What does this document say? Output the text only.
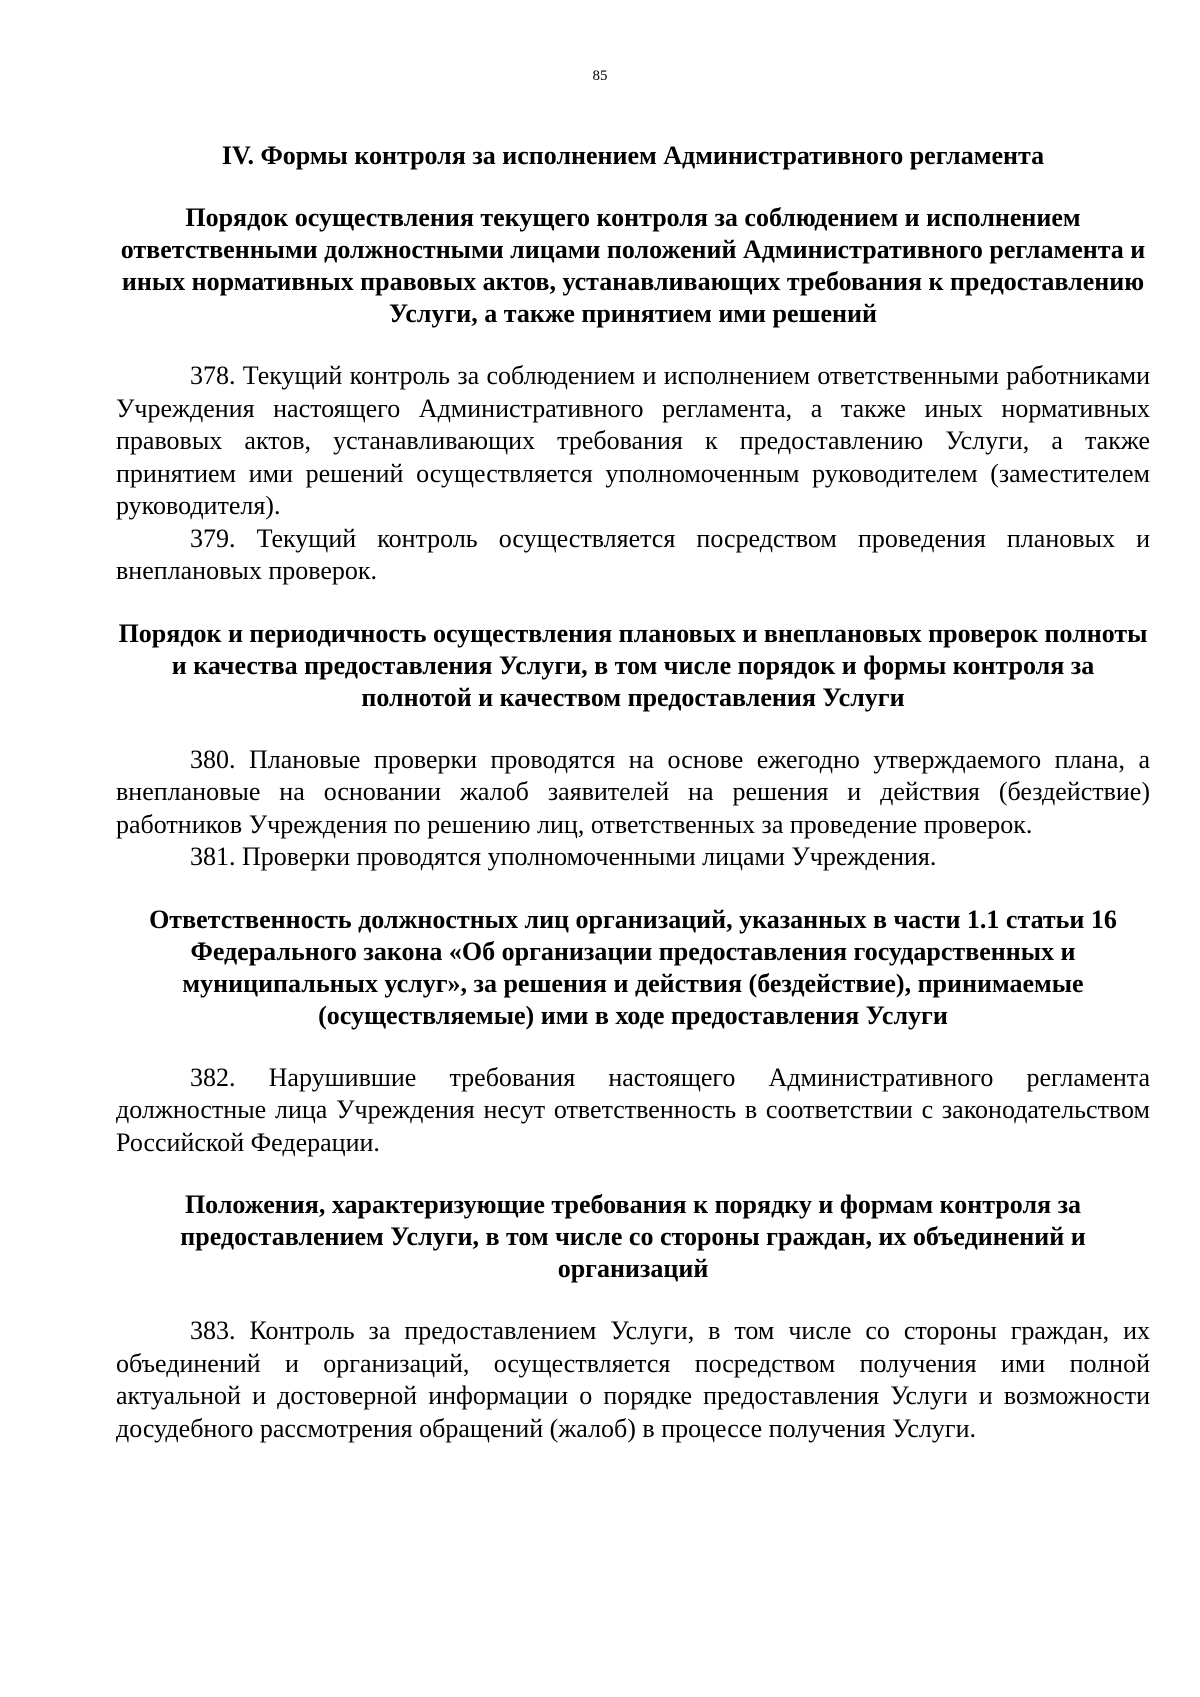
85
IV. Формы контроля за исполнением Административного регламента
Порядок осуществления текущего контроля за соблюдением и исполнением ответственными должностными лицами положений Административного регламента и иных нормативных правовых актов, устанавливающих требования к предоставлению Услуги, а также принятием ими решений

378. Текущий контроль за соблюдением и исполнением ответственными работниками Учреждения настоящего Административного регламента, а также иных нормативных правовых актов, устанавливающих требования к предоставлению Услуги, а также принятием ими решений осуществляется уполномоченным руководителем (заместителем руководителя).

379. Текущий контроль осуществляется посредством проведения плановых и внеплановых проверок.

Порядок и периодичность осуществления плановых и внеплановых проверок полноты и качества предоставления Услуги, в том числе порядок и формы контроля за полнотой и качеством предоставления Услуги

380. Плановые проверки проводятся на основе ежегодно утверждаемого плана, а внеплановые на основании жалоб заявителей на решения и действия (бездействие) работников Учреждения по решению лиц, ответственных за проведение проверок.

381. Проверки проводятся уполномоченными лицами Учреждения.

Ответственность должностных лиц организаций, указанных в части 1.1 статьи 16 Федерального закона «Об организации предоставления государственных и муниципальных услуг», за решения и действия (бездействие), принимаемые (осуществляемые) ими в ходе предоставления Услуги

382. Нарушившие требования настоящего Административного регламента должностные лица Учреждения несут ответственность в соответствии с законодательством Российской Федерации.

Положения, характеризующие требования к порядку и формам контроля за предоставлением Услуги, в том числе со стороны граждан, их объединений и организаций

383. Контроль за предоставлением Услуги, в том числе со стороны граждан, их объединений и организаций, осуществляется посредством получения ими полной актуальной и достоверной информации о порядке предоставления Услуги и возможности досудебного рассмотрения обращений (жалоб) в процессе получения Услуги.
